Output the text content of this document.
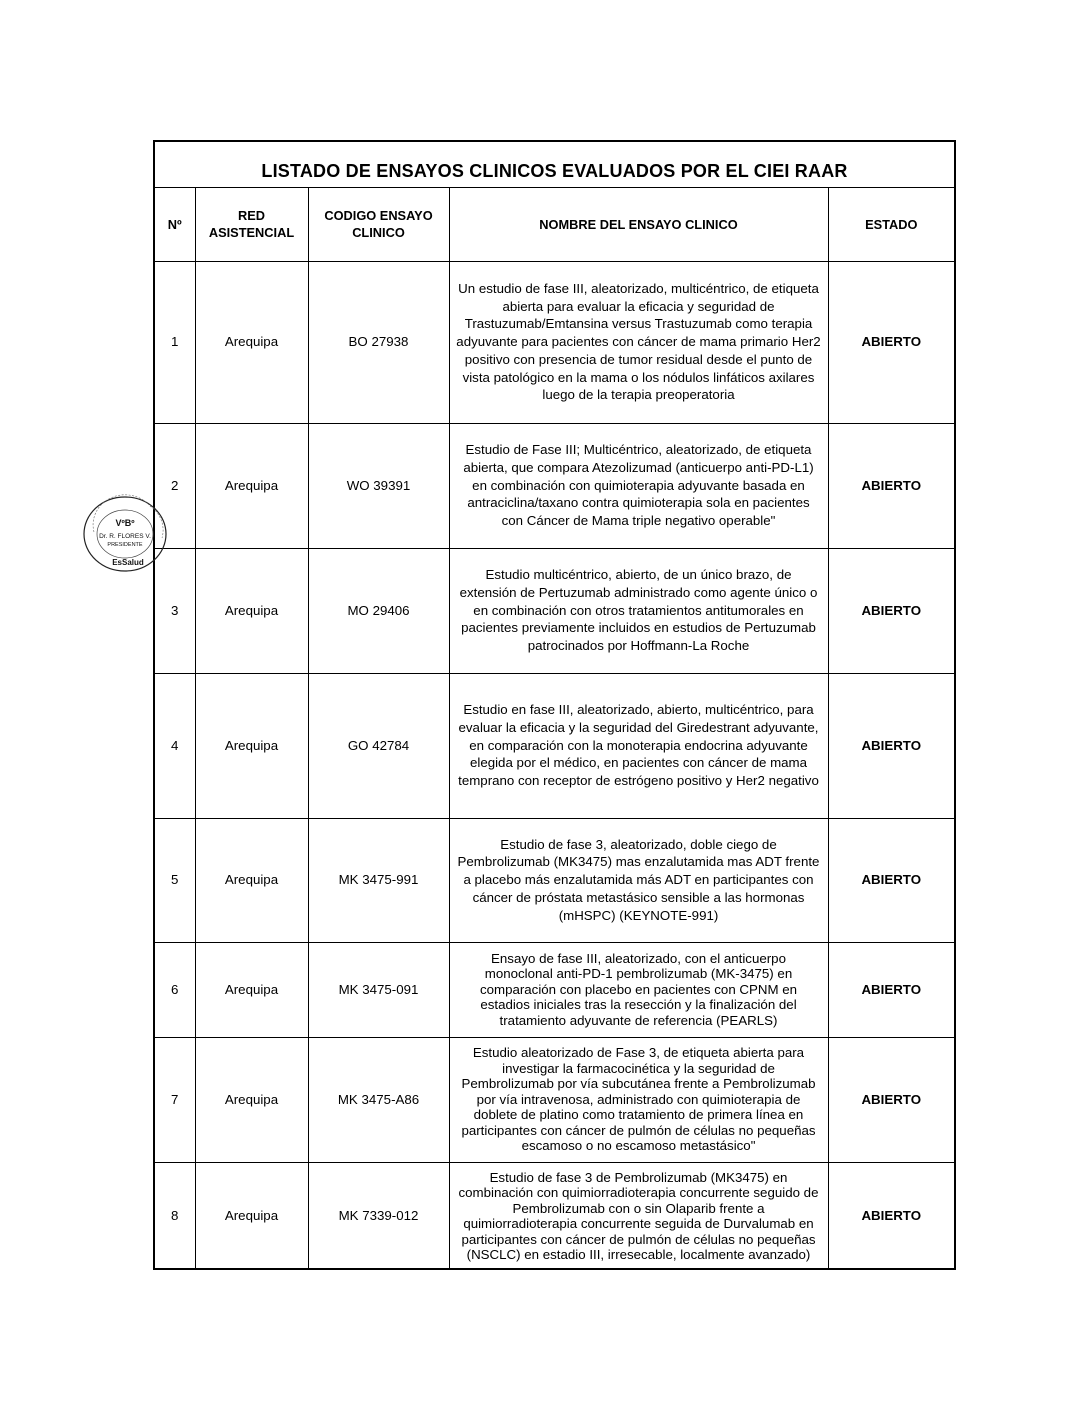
LISTADO DE ENSAYOS CLINICOS EVALUADOS POR EL CIEI RAAR
Nº	RED ASISTENCIAL	CODIGO ENSAYO CLINICO	NOMBRE DEL ENSAYO CLINICO	ESTADO
1	Arequipa	BO 27938	Un estudio de fase III, aleatorizado, multicéntrico, de etiqueta abierta para evaluar la eficacia y seguridad de Trastuzumab/Emtansina versus Trastuzumab como terapia adyuvante para pacientes con cáncer de mama primario Her2 positivo con presencia de tumor residual desde el punto de vista patológico en la mama o los nódulos linfáticos axilares luego de la terapia preoperatoria	ABIERTO
2	Arequipa	WO 39391	Estudio de Fase III; Multicéntrico, aleatorizado, de etiqueta abierta, que compara Atezolizumad (anticuerpo anti-PD-L1) en combinación con quimioterapia adyuvante basada en antraciclina/taxano contra quimioterapia sola en pacientes con Cáncer de Mama triple negativo operable"	ABIERTO
3	Arequipa	MO 29406	Estudio multicéntrico, abierto, de un único brazo, de extensión de Pertuzumab administrado como agente único o en combinación con otros tratamientos antitumorales en pacientes previamente incluidos en estudios de Pertuzumab patrocinados por Hoffmann-La Roche	ABIERTO
4	Arequipa	GO 42784	Estudio en fase III, aleatorizado, abierto, multicéntrico, para evaluar la eficacia y la seguridad del Giredestrant adyuvante, en comparación con la monoterapia endocrina adyuvante elegida por el médico, en pacientes con cáncer de mama temprano con receptor de estrógeno positivo y Her2 negativo	ABIERTO
5	Arequipa	MK 3475-991	Estudio de fase 3, aleatorizado, doble ciego de Pembrolizumab (MK3475) mas enzalutamida mas ADT frente a placebo más enzalutamida más ADT en participantes con cáncer de próstata metastásico sensible a las hormonas (mHSPC) (KEYNOTE-991)	ABIERTO
6	Arequipa	MK 3475-091	Ensayo de fase III, aleatorizado, con el anticuerpo monoclonal anti-PD-1 pembrolizumab (MK-3475) en comparación con placebo en pacientes con CPNM en estadios iniciales tras la resección y la finalización del tratamiento adyuvante de referencia (PEARLS)	ABIERTO
7	Arequipa	MK 3475-A86	Estudio aleatorizado de Fase 3, de etiqueta abierta para investigar la farmacocinética y la seguridad de Pembrolizumab por vía subcutánea frente a Pembrolizumab por vía intravenosa, administrado con quimioterapia de doblete de platino como tratamiento de primera línea en participantes con cáncer de pulmón de células no pequeñas escamoso o no escamoso metastásico"	ABIERTO
8	Arequipa	MK 7339-012	Estudio de fase 3 de Pembrolizumab (MK3475) en combinación con quimiorradioterapia concurrente seguido de Pembrolizumab con o sin Olaparib frente a quimiorradioterapia concurrente seguida de Durvalumab en participantes con cáncer de pulmón de células no pequeñas (NSCLC) en estadio III, irresecable, localmente avanzado)	ABIERTO
VºBº
Dr. R. FLORES V.
PRESIDENTE
EsSalud
